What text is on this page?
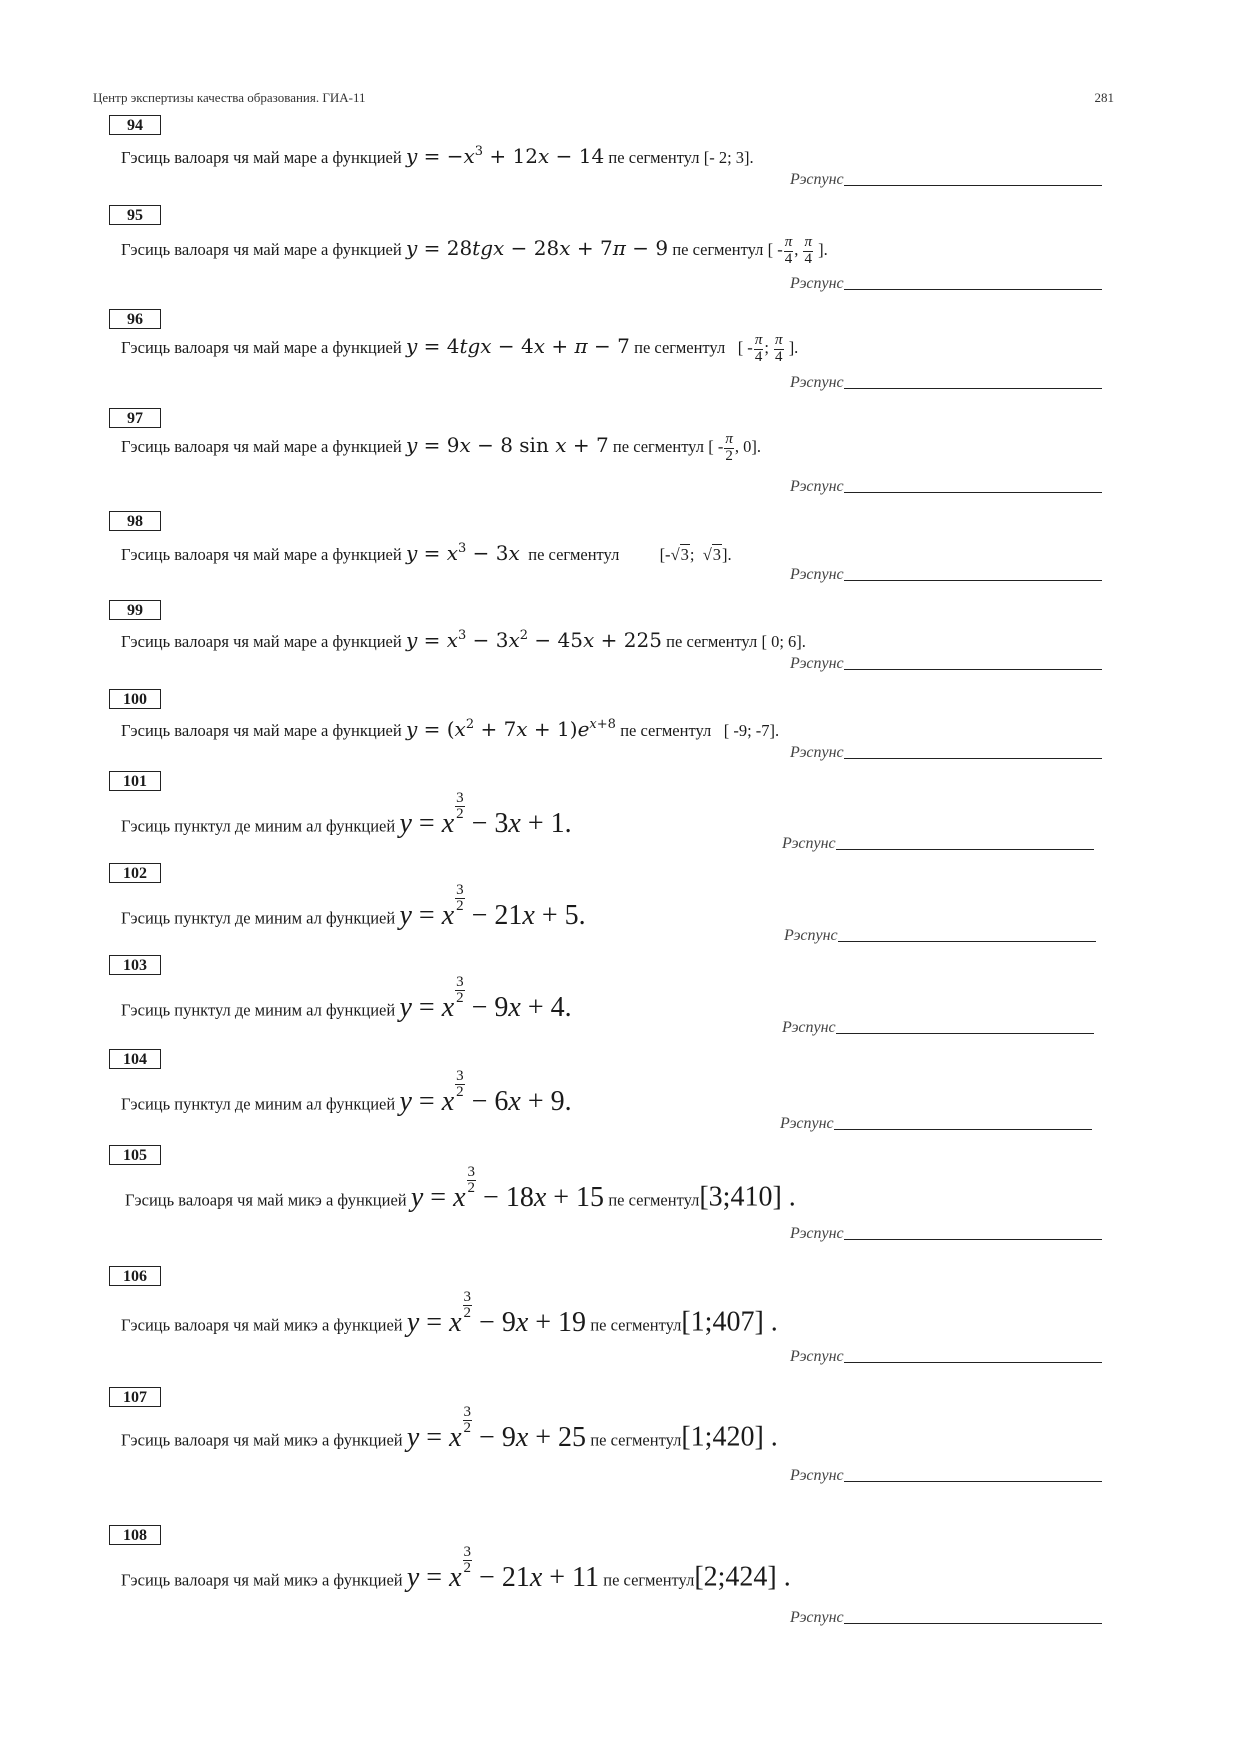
Центр экспертизы качества образования. ГИА-11	281
94
Гэсиць валоаря чя май маре а функцией $y = -x^3 + 12x - 14$ пе сегментул [- 2; 3].
Рэспунс
95
Гэсиць валоаря чя май маре а функцией y = 28tgx − 28x + 7π − 9 пе сегментул [ - $\frac{\pi}{4}$ , $\frac{\pi}{4}$ ].
Рэспунс
96
Гэсиць валоаря чя май маре а функцией y = 4tgx − 4x + π − 7 пе сегментул   [ - $\frac{\pi}{4}$ ; $\frac{\pi}{4}$ ].
Рэспунс
97
Гэсиць валоаря чя май маре а функцией y = 9x − 8 sin x + 7 пе сегментул [ - $\frac{\pi}{2}$ , 0].
Рэспунс
98
Гэсиць валоаря чя май маре а функцией $y = x^3 - 3x$ пе сегментул [-√3;  √3].
Рэспунс
99
Гэсиць валоаря чя май маре а функцией $y = x^3 - 3x^2 - 45x + 225$ пе сегментул [ 0; 6].
Рэспунс
100
Гэсиць валоаря чя май маре а функцией $y = (x^2 + 7x + 1)e^{x+8}$ пе сегментул   [ -9; -7].
Рэспунс
101
Гэсиць пунктул де миним ал функцией y = x
$\frac{3}{2}$
− 3x + 1.
Рэспунс
102
Гэсиць пунктул де миним ал функцией y = x
$\frac{3}{2}$
− 21x + 5.
Рэспунс
103
Гэсиць пунктул де миним ал функцией y = x
$\frac{3}{2}$
− 9x + 4.
Рэспунс
104
Гэсиць пунктул де миним ал функцией y = x
$\frac{3}{2}$
− 6x + 9.
Рэспунс
105
Гэсиць валоаря чя май микэ а функцией y = x
$\frac{3}{2}$
− 18x + 15 пе сегментул[3;410] .
Рэспунс
106
Гэсиць валоаря чя май микэ а функцией y = x
$\frac{3}{2}$
− 9x + 19 пе сегментул[1;407] .
Рэспунс
107
Гэсиць валоаря чя май микэ а функцией y = x
$\frac{3}{2}$
− 9x + 25 пе сегментул[1;420] .
Рэспунс
108
Гэсиць валоаря чя май микэ а функцией y = x
$\frac{3}{2}$
− 21x + 11 пе сегментул[2;424] .
Рэспунс
